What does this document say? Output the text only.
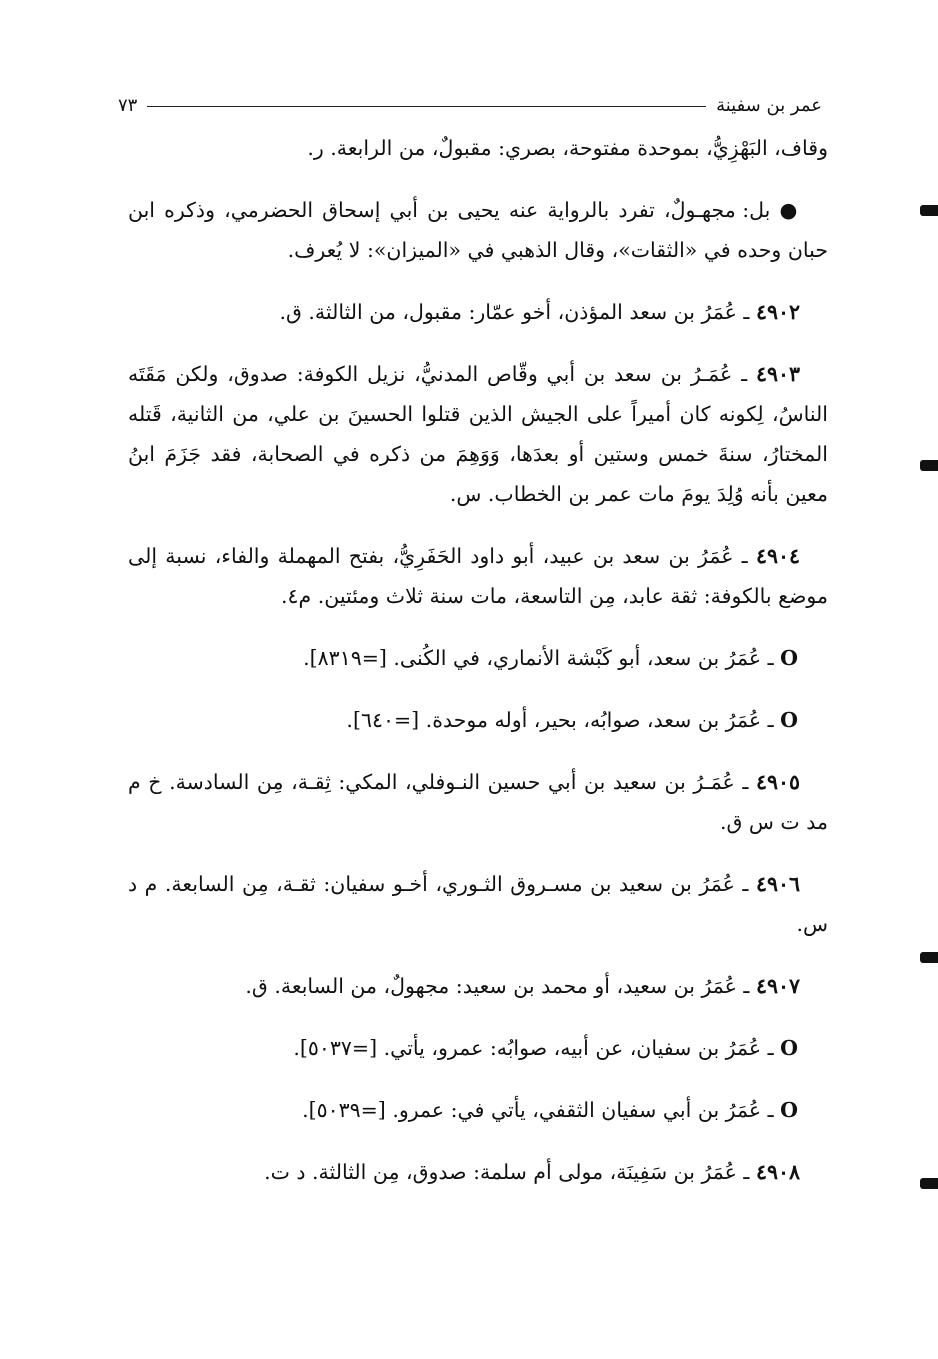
عمر بن سفينة
٧٣

وقاف، البَهْزِيُّ، بموحدة مفتوحة، بصري: مقبولٌ، من الرابعة. ر.

● بل: مجهـولٌ، تفرد بالرواية عنه يحيى بن أبي إسحاق الحضرمي، وذكره ابن حبان وحده في «الثقات»، وقال الذهبي في «الميزان»: لا يُعرف.

٤٩٠٢ ـ عُمَرُ بن سعد المؤذن، أخو عمّار: مقبول، من الثالثة. ق.

٤٩٠٣ ـ عُمَـرُ بن سعد بن أبي وقّاص المدنيُّ، نزيل الكوفة: صدوق، ولكن مَقَتَه الناسُ، لِكونه كان أميراً على الجيش الذين قتلوا الحسينَ بن علي، من الثانية، قَتله المختارُ، سنةَ خمس وستين أو بعدَها، وَوَهِمَ من ذكره في الصحابة، فقد جَزَمَ ابنُ معين بأنه وُلِدَ يومَ مات عمر بن الخطاب. س.

٤٩٠٤ ـ عُمَرُ بن سعد بن عبيد، أبو داود الحَفَرِيُّ، بفتح المهملة والفاء، نسبة إلى موضع بالكوفة: ثقة عابد، مِن التاسعة، مات سنة ثلاث ومئتين. م٤.

O ـ عُمَرُ بن سعد، أبو كَبْشة الأنماري، في الكُنى. [=٨٣١٩].

O ـ عُمَرُ بن سعد، صوابُه، بحير، أوله موحدة. [=٦٤٠].

٤٩٠٥ ـ عُمَـرُ بن سعيد بن أبي حسين النـوفلي، المكي: ثِقـة، مِن السادسة. خ م مد ت س ق.

٤٩٠٦ ـ عُمَرُ بن سعيد بن مسـروق الثـوري، أخـو سفيان: ثقـة، مِن السابعة. م د س.

٤٩٠٧ ـ عُمَرُ بن سعيد، أو محمد بن سعيد: مجهولٌ، من السابعة. ق.

O ـ عُمَرُ بن سفيان، عن أبيه، صوابُه: عمرو، يأتي. [=٥٠٣٧].

O ـ عُمَرُ بن أبي سفيان الثقفي، يأتي في: عمرو. [=٥٠٣٩].

٤٩٠٨ ـ عُمَرُ بن سَفِينَة، مولى أم سلمة: صدوق، مِن الثالثة. د ت.
